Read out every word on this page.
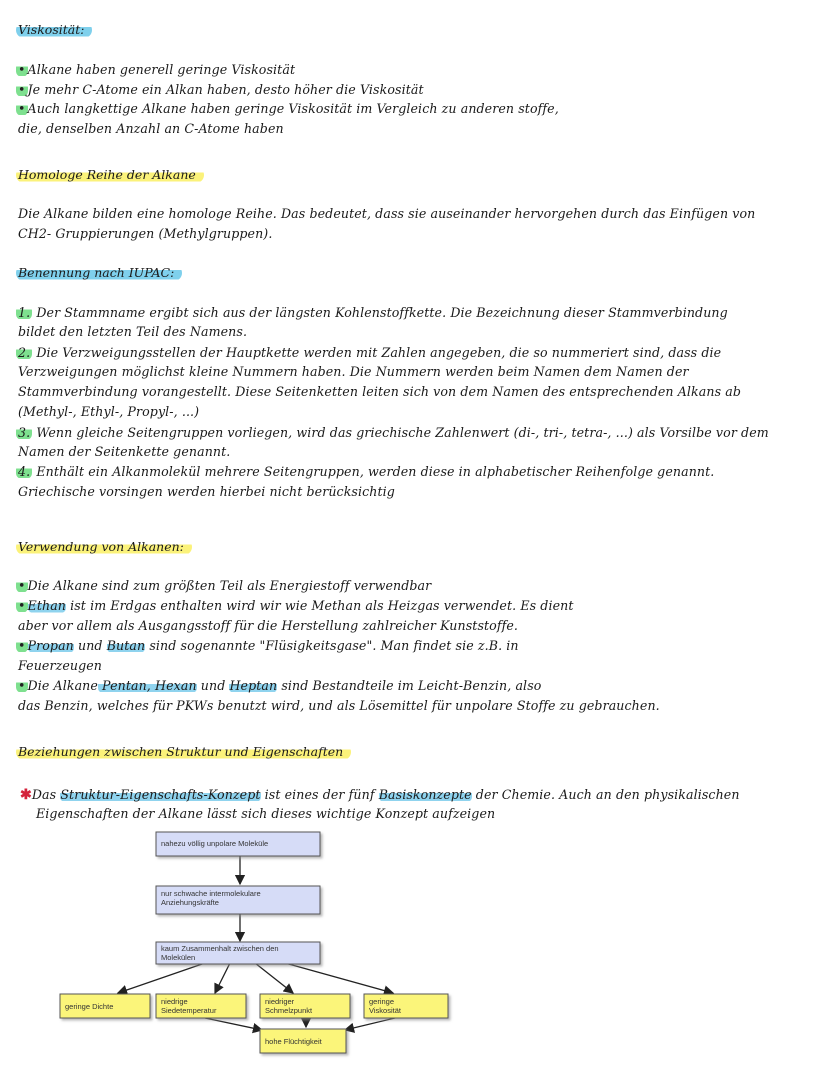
Viskosität:
• Alkane haben generell geringe Viskosität
• Je mehr C-Atome ein Alkan haben, desto höher die Viskosität
• Auch langkettige Alkane haben geringe Viskosität im Vergleich zu anderen stoffe,
die, denselben Anzahl an C-Atome haben
Homologe Reihe der Alkane
Die Alkane bilden eine homologe Reihe. Das bedeutet, dass sie auseinander hervorgehen durch das Einfügen von
CH2- Gruppierungen (Methylgruppen).
Benennung nach IUPAC:
1. Der Stammname ergibt sich aus der längsten Kohlenstoffkette. Die Bezeichnung dieser Stammverbindung
bildet den letzten Teil des Namens.
2. Die Verzweigungsstellen der Hauptkette werden mit Zahlen angegeben, die so nummeriert sind, dass die
Verzweigungen möglichst kleine Nummern haben. Die Nummern werden beim Namen dem Namen der
Stammverbindung vorangestellt. Diese Seitenketten leiten sich von dem Namen des entsprechenden Alkans ab
(Methyl-, Ethyl-, Propyl-, ...)
3. Wenn gleiche Seitengruppen vorliegen, wird das griechische Zahlenwert (di-, tri-, tetra-, ...) als Vorsilbe vor dem
Namen der Seitenkette genannt.
4. Enthält ein Alkanmolekül mehrere Seitengruppen, werden diese in alphabetischer Reihenfolge genannt.
Griechische vorsingen werden hierbei nicht berücksichtig
Verwendung von Alkanen:
• Die Alkane sind zum größten Teil als Energiestoff verwendbar
• Ethan ist im Erdgas enthalten wird wir wie Methan als Heizgas verwendet. Es dient
aber vor allem als Ausgangsstoff für die Herstellung zahlreicher Kunststoffe.
• Propan und Butan sind sogenannte "Flüsigkeitsgase". Man findet sie z.B. in
Feuerzeugen
• Die Alkane Pentan, Hexan und Heptan sind Bestandteile im Leicht-Benzin, also
das Benzin, welches für PKWs benutzt wird, und als Lösemittel für unpolare Stoffe zu gebrauchen.
Beziehungen zwischen Struktur und Eigenschaften
✱Das Struktur-Eigenschafts-Konzept ist eines der fünf Basiskonzepte der Chemie. Auch an den physikalischen
Eigenschaften der Alkane lässt sich dieses wichtige Konzept aufzeigen
nahezu völlig unpolare Moleküle
nur schwache intermolekulare
Anziehungskräfte
kaum Zusammenhalt zwischen den
Molekülen
geringe Dichte
niedrige
Siedetemperatur
niedriger
Schmelzpunkt
geringe
Viskosität
hohe Flüchtigkeit
